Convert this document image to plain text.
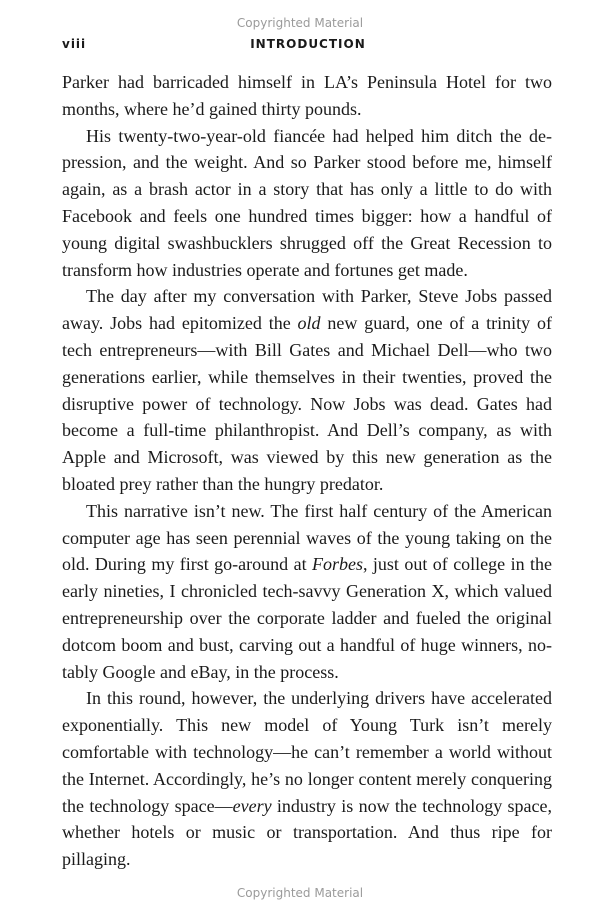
Copyrighted Material
viii	INTRODUCTION

Parker had barricaded himself in LA’s Peninsula Hotel for two months, where he’d gained thirty pounds.

His twenty-two-year-old fiancée had helped him ditch the depression, and the weight. And so Parker stood before me, himself again, as a brash actor in a story that has only a little to do with Facebook and feels one hundred times bigger: how a handful of young digital swashbucklers shrugged off the Great Recession to transform how industries operate and fortunes get made.

The day after my conversation with Parker, Steve Jobs passed away. Jobs had epitomized the old new guard, one of a trinity of tech entrepreneurs—with Bill Gates and Michael Dell—who two generations earlier, while themselves in their twenties, proved the disruptive power of technology. Now Jobs was dead. Gates had become a full-time philanthropist. And Dell’s company, as with Apple and Microsoft, was viewed by this new generation as the bloated prey rather than the hungry predator.

This narrative isn’t new. The first half century of the American computer age has seen perennial waves of the young taking on the old. During my first go-around at Forbes, just out of college in the early nineties, I chronicled tech-savvy Generation X, which valued entrepreneurship over the corporate ladder and fueled the original dotcom boom and bust, carving out a handful of huge winners, notably Google and eBay, in the process.

In this round, however, the underlying drivers have accelerated exponentially. This new model of Young Turk isn’t merely comfortable with technology—he can’t remember a world without the Internet. Accordingly, he’s no longer content merely conquering the technology space—every industry is now the technology space, whether hotels or music or transportation. And thus ripe for pillaging.

Copyrighted Material
